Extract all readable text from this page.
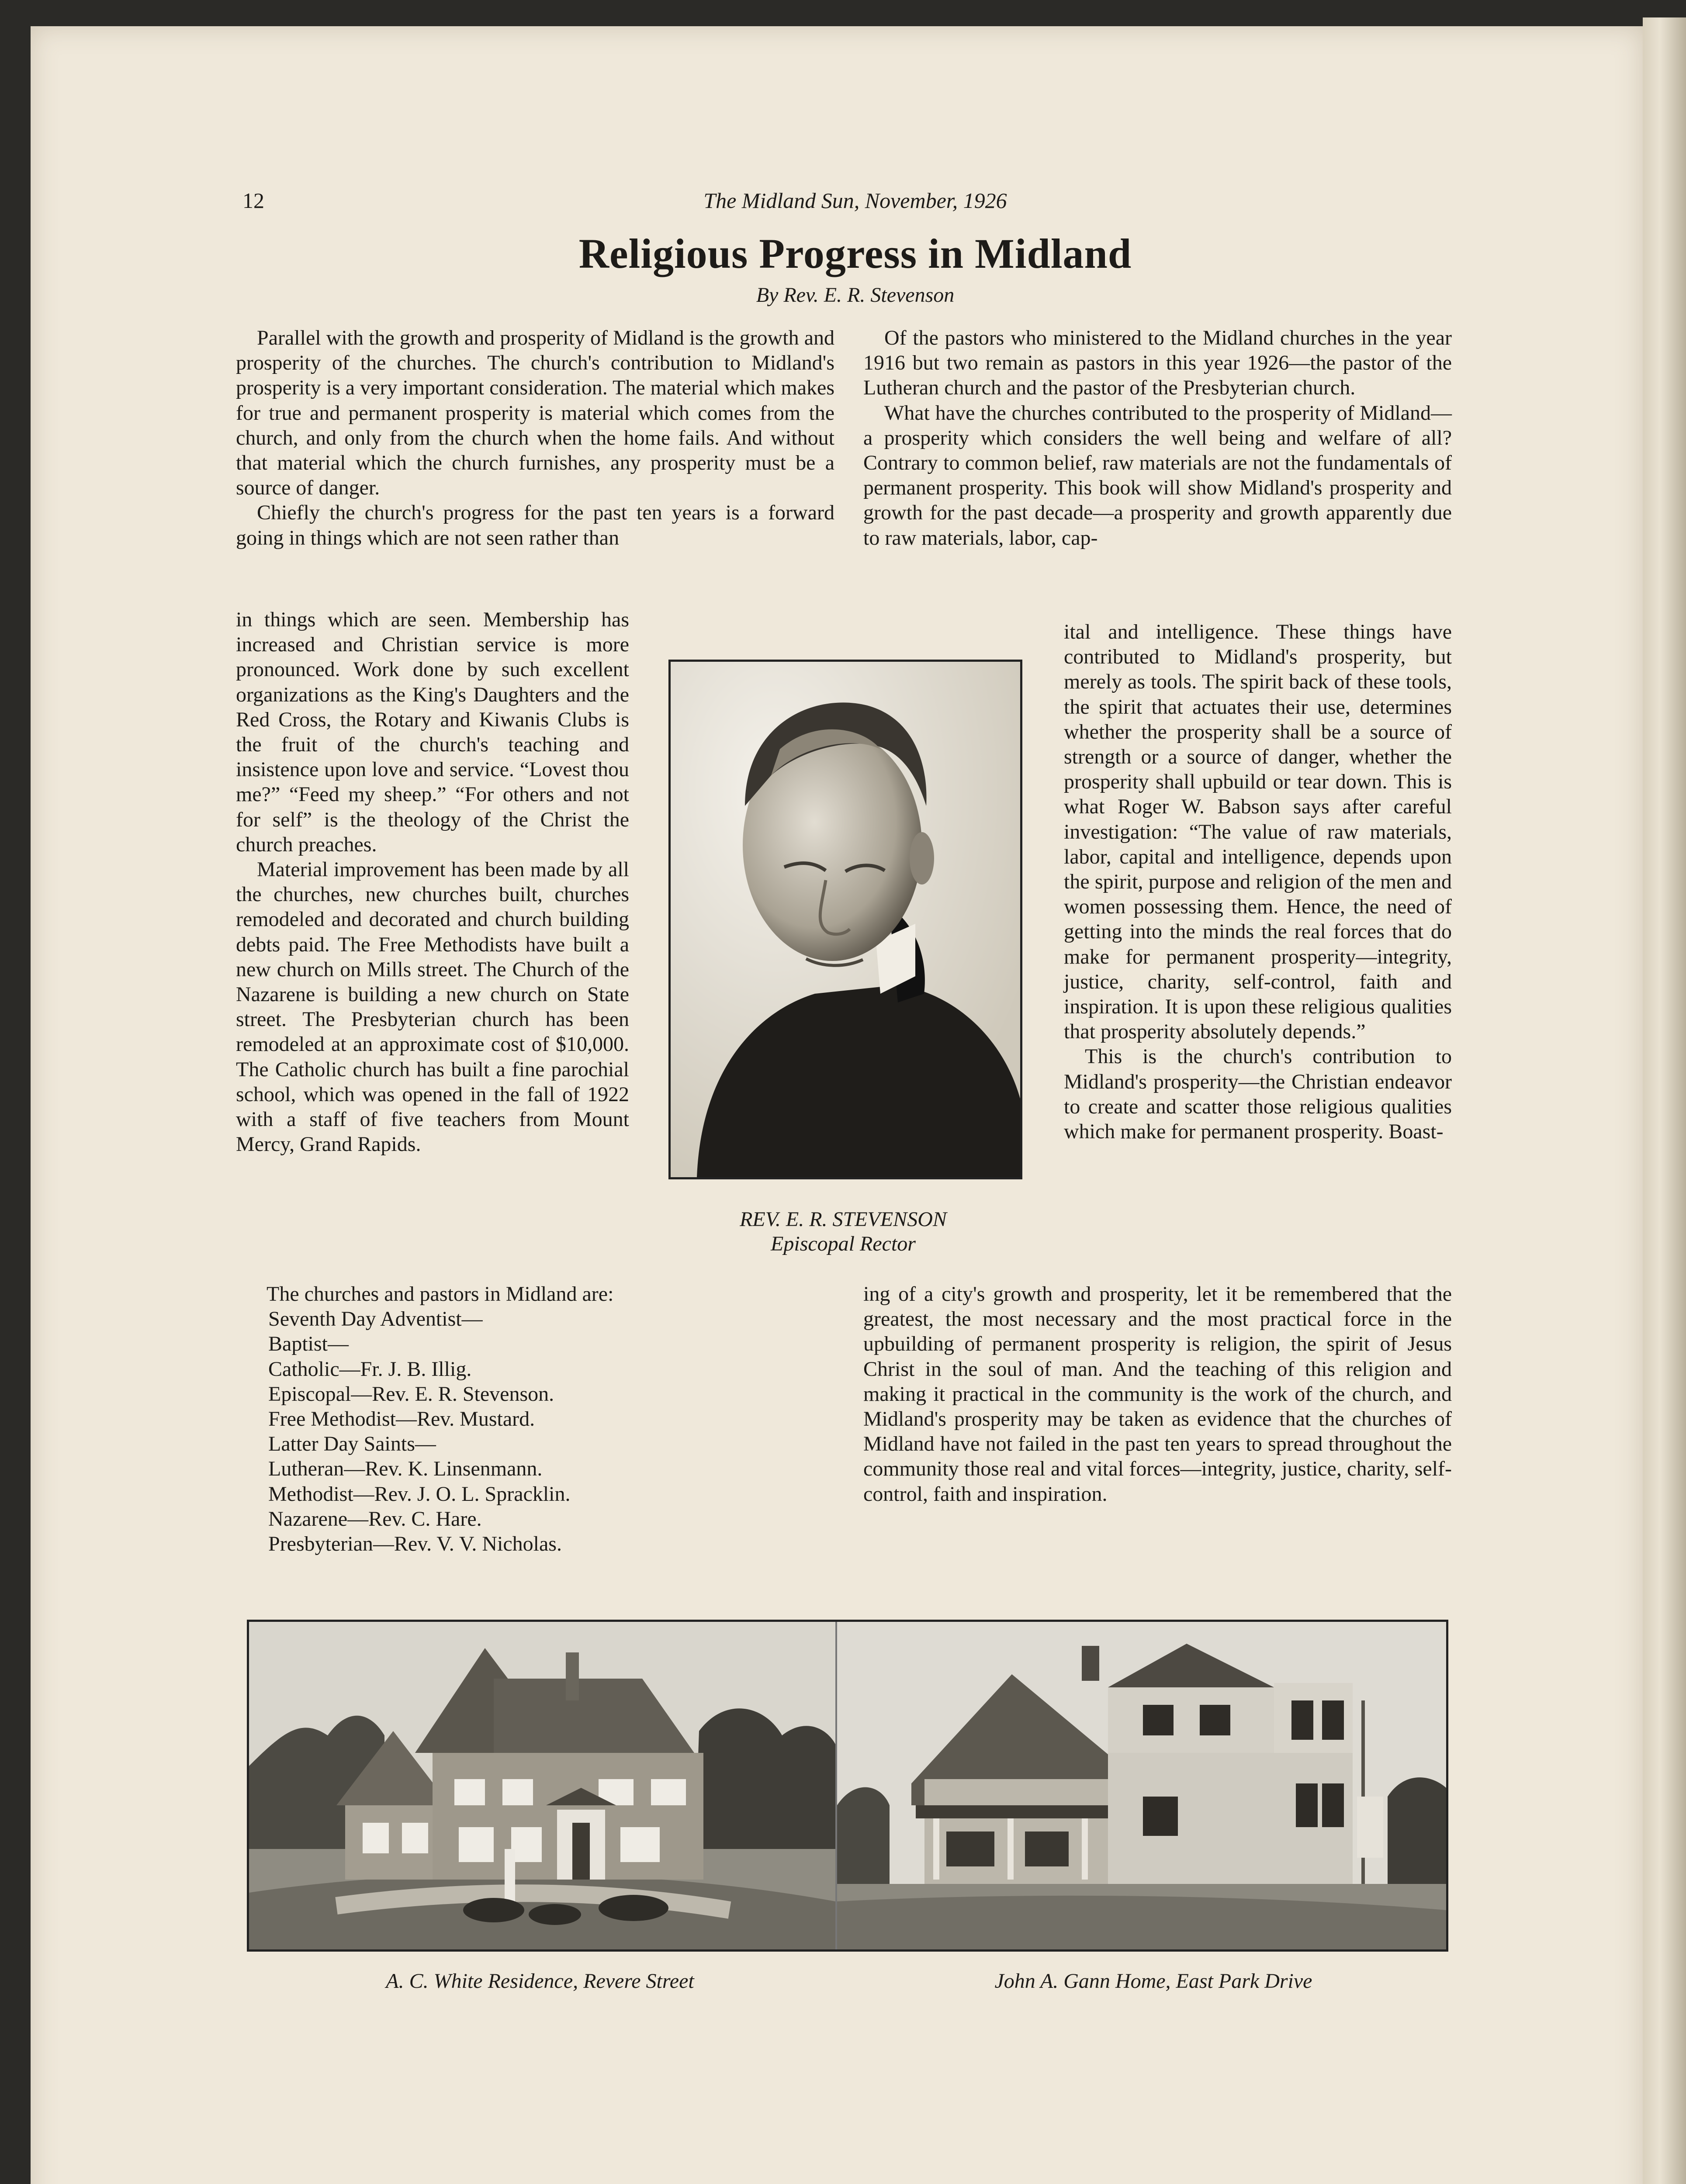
12	The Midland Sun, November, 1926
Religious Progress in Midland
By Rev. E. R. Stevenson

Parallel with the growth and prosperity of Midland is the growth and prosperity of the churches. The church's contribution to Midland's prosperity is a very important consideration. The material which makes for true and permanent prosperity is material which comes from the church, and only from the church when the home fails. And without that material which the church furnishes, any prosperity must be a source of danger.

Chiefly the church's progress for the past ten years is a forward going in things which are not seen rather than

in things which are seen. Membership has increased and Christian service is more pronounced. Work done by such excellent organizations as the King's Daughters and the Red Cross, the Rotary and Kiwanis Clubs is the fruit of the church's teaching and insistence upon love and service. “Lovest thou me?” “Feed my sheep.” “For others and not for self” is the theology of the Christ the church preaches.

Material improvement has been made by all the churches, new churches built, churches remodeled and decorated and church building debts paid. The Free Methodists have built a new church on Mills street. The Church of the Nazarene is building a new church on State street. The Presbyterian church has been remodeled at an approximate cost of $10,000. The Catholic church has built a fine parochial school, which was opened in the fall of 1922 with a staff of five teachers from Mount Mercy, Grand Rapids.

The churches and pastors in Midland are:
Seventh Day Adventist—
Baptist—
Catholic—Fr. J. B. Illig.
Episcopal—Rev. E. R. Stevenson.
Free Methodist—Rev. Mustard.
Latter Day Saints—
Lutheran—Rev. K. Linsenmann.
Methodist—Rev. J. O. L. Spracklin.
Nazarene—Rev. C. Hare.
Presbyterian—Rev. V. V. Nicholas.

Of the pastors who ministered to the Midland churches in the year 1916 but two remain as pastors in this year 1926—the pastor of the Lutheran church and the pastor of the Presbyterian church.

What have the churches contributed to the prosperity of Midland—a prosperity which considers the well being and welfare of all? Contrary to common belief, raw materials are not the fundamentals of permanent prosperity. This book will show Midland's prosperity and growth for the past decade—a prosperity and growth apparently due to raw materials, labor, cap-

ital and intelligence. These things have contributed to Midland's prosperity, but merely as tools. The spirit back of these tools, the spirit that actuates their use, determines whether the prosperity shall be a source of strength or a source of danger, whether the prosperity shall upbuild or tear down. This is what Roger W. Babson says after careful investigation: “The value of raw materials, labor, capital and intelligence, depends upon the spirit, purpose and religion of the men and women possessing them. Hence, the need of getting into the minds the real forces that do make for permanent prosperity—integrity, justice, charity, self-control, faith and inspiration. It is upon these religious qualities that prosperity absolutely depends.”

This is the church's contribution to Midland's prosperity—the Christian endeavor to create and scatter those religious qualities which make for permanent prosperity. Boast-

ing of a city's growth and prosperity, let it be remembered that the greatest, the most necessary and the most practical force in the upbuilding of permanent prosperity is religion, the spirit of Jesus Christ in the soul of man. And the teaching of this religion and making it practical in the community is the work of the church, and Midland's prosperity may be taken as evidence that the churches of Midland have not failed in the past ten years to spread throughout the community those real and vital forces—integrity, justice, charity, self-control, faith and inspiration.

REV. E. R. STEVENSON
Episcopal Rector
A. C. White Residence, Revere Street	John A. Gann Home, East Park Drive
